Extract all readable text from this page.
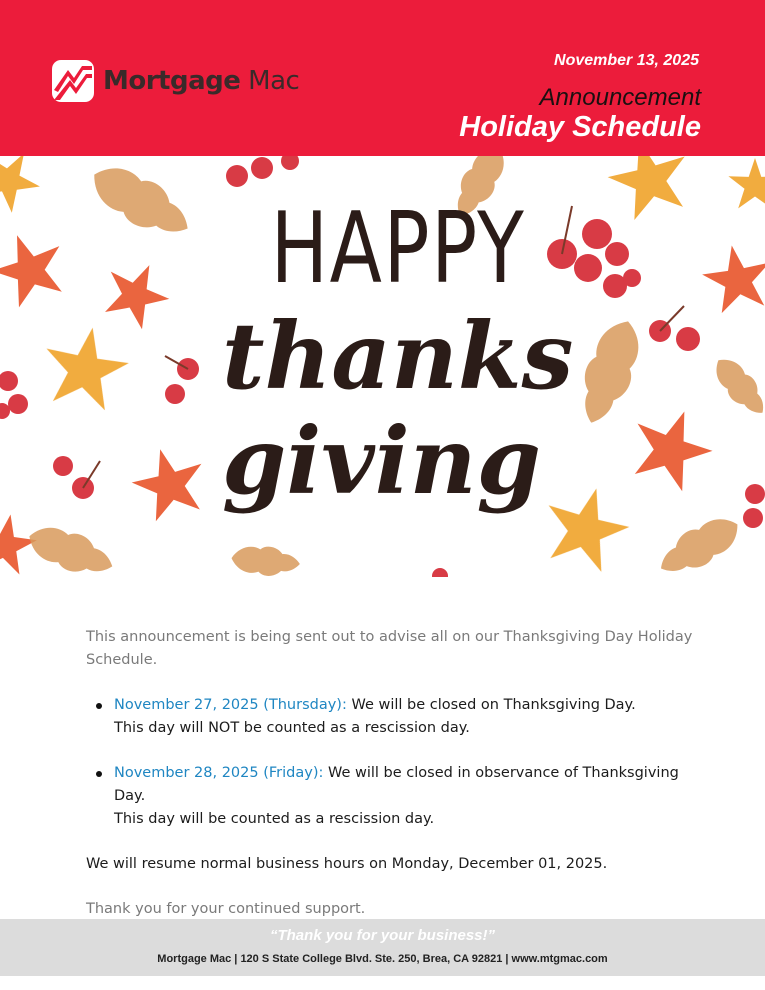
Mortgage Mac
November 13, 2025
Announcement
Holiday Schedule
HAPPY
thanks
giving
This announcement is being sent out to advise all on our Thanksgiving Day Holiday Schedule.
November 27, 2025 (Thursday): We will be closed on Thanksgiving Day.
This day will NOT be counted as a rescission day.
November 28, 2025 (Friday): We will be closed in observance of Thanksgiving Day.
This day will be counted as a rescission day.
We will resume normal business hours on Monday, December 01, 2025.
Thank you for your continued support.
“Thank you for your business!”
Mortgage Mac | 120 S State College Blvd. Ste. 250, Brea, CA 92821 | www.mtgmac.com
